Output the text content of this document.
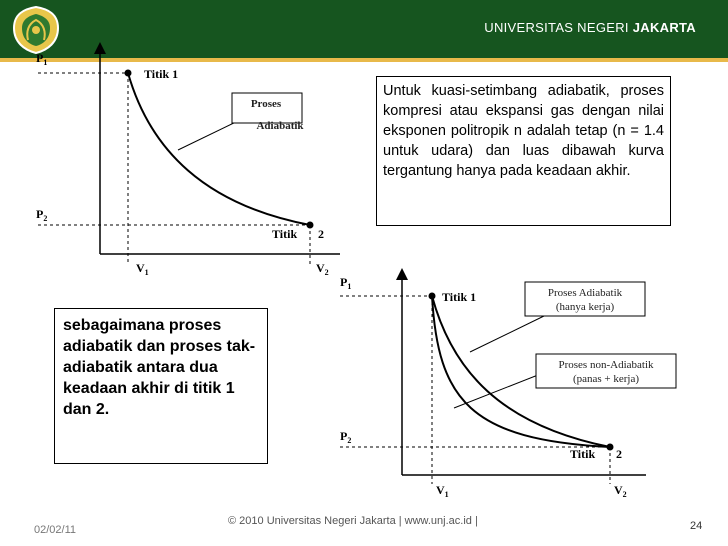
UNIVERSITAS NEGERI JAKARTA
Proses
Adiabatik
$P_1$
$P_2$
$V_1$	$V_2$
Titik 1
Titik 2
Proses Adiabatik
(hanya kerja)
Proses non-Adiabatik
(panas + kerja)
$P_1$
$P_2$
$V_1$	$V_2$
Titik 1
Titik 2
Untuk kuasi-setimbang adiabatik, proses kompresi atau ekspansi gas dengan nilai eksponen politropik n adalah tetap (n = 1.4 untuk udara) dan luas dibawah kurva tergantung hanya pada keadaan akhir.
sebagaimana proses adiabatik dan proses tak-adiabatik antara dua keadaan akhir di titik 1 dan 2.
02/02/11
© 2010 Universitas Negeri Jakarta | www.unj.ac.id |	24
